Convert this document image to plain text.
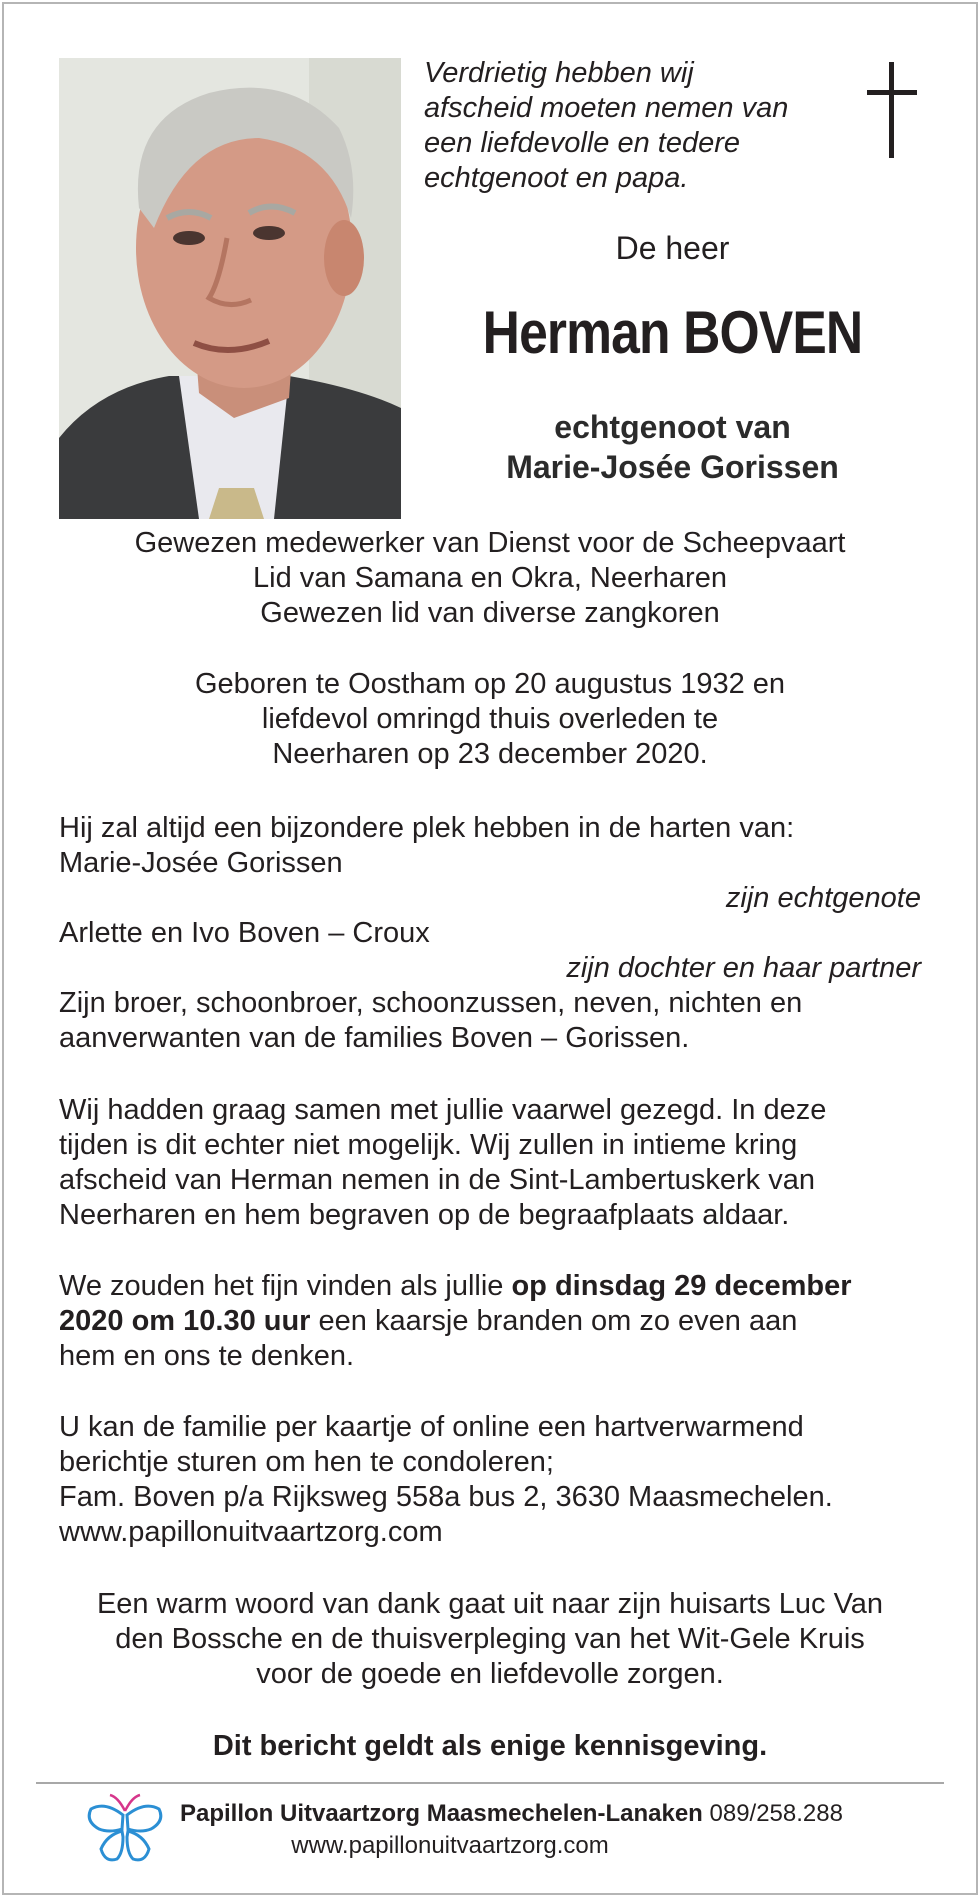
Verdrietig hebben wij
afscheid moeten nemen van
een liefdevolle en tedere
echtgenoot en papa.
De heer
Herman BOVEN
echtgenoot van
Marie-Josée Gorissen
Gewezen medewerker van Dienst voor de Scheepvaart
Lid van Samana en Okra, Neerharen
Gewezen lid van diverse zangkoren
Geboren te Oostham op 20 augustus 1932 en
liefdevol omringd thuis overleden te
Neerharen op 23 december 2020.
Hij zal altijd een bijzondere plek hebben in de harten van:
Marie-Josée Gorissen
zijn echtgenote
Arlette en Ivo Boven – Croux
zijn dochter en haar partner
Zijn broer, schoonbroer, schoonzussen, neven, nichten en
aanverwanten van de families Boven – Gorissen.
Wij hadden graag samen met jullie vaarwel gezegd. In deze
tijden is dit echter niet mogelijk. Wij zullen in intieme kring
afscheid van Herman nemen in de Sint-Lambertuskerk van
Neerharen en hem begraven op de begraafplaats aldaar.
We zouden het fijn vinden als jullie op dinsdag 29 december
2020 om 10.30 uur een kaarsje branden om zo even aan
hem en ons te denken.
U kan de familie per kaartje of online een hartverwarmend
berichtje sturen om hen te condoleren;
Fam. Boven p/a Rijksweg 558a bus 2, 3630 Maasmechelen.
www.papillonuitvaartzorg.com
Een warm woord van dank gaat uit naar zijn huisarts Luc Van
den Bossche en de thuisverpleging van het Wit-Gele Kruis
voor de goede en liefdevolle zorgen.
Dit bericht geldt als enige kennisgeving.
Papillon Uitvaartzorg Maasmechelen-Lanaken 089/258.288
www.papillonuitvaartzorg.com
